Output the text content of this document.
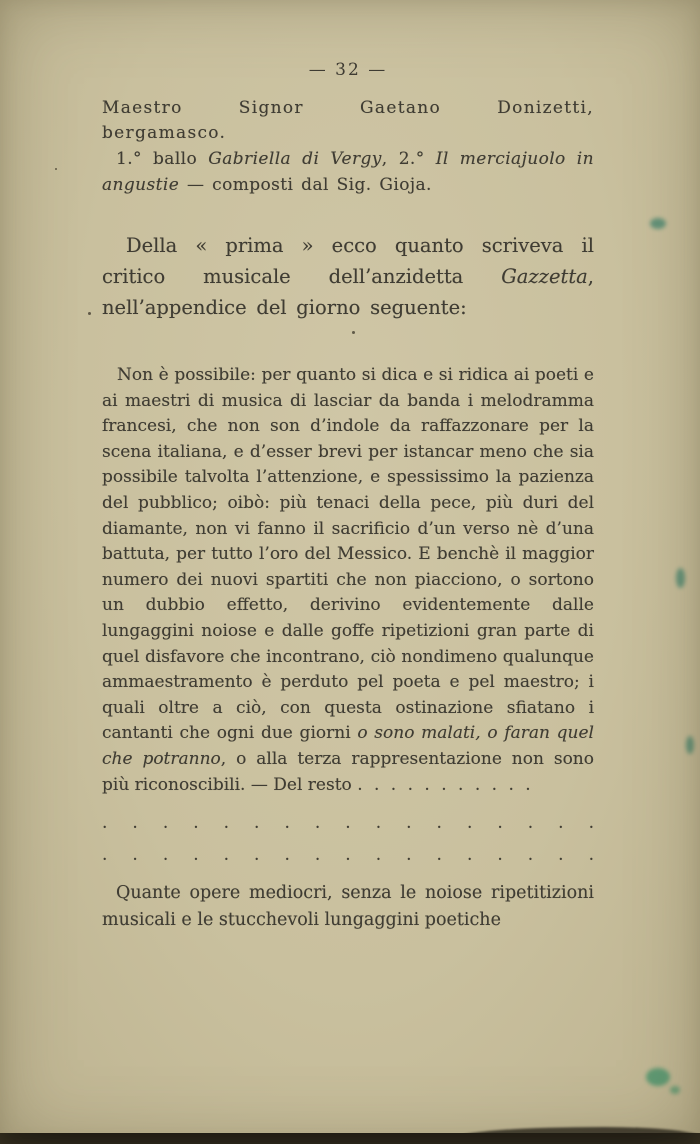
— 32 —

Maestro Signor Gaetano Donizetti, bergamasco.

1.° ballo Gabriella di Vergy, 2.° Il merciajuolo in angustie — composti dal Sig. Gioja.

Della « prima » ecco quanto scriveva il critico musicale dell’anzidetta Gazzetta, nell’appendice del giorno seguente:

Non è possibile: per quanto si dica e si ridica ai poeti e ai maestri di musica di lasciar da banda i melodramma francesi, che non son d’indole da raffazzonare per la scena italiana, e d’esser brevi per istancar meno che sia possibile talvolta l’attenzione, e spessissimo la pazienza del pubblico; oibò: più tenaci della pece, più duri del diamante, non vi fanno il sacrificio d’un verso nè d’una battuta, per tutto l’oro del Messico. E benchè il maggior numero dei nuovi spartiti che non piacciono, o sortono un dubbio effetto, derivino evidentemente dalle lungaggini noiose e dalle goffe ripetizioni gran parte di quel disfavore che incontrano, ciò nondimeno qualunque ammaestramento è perduto pel poeta e pel maestro; i quali oltre a ciò, con questa ostinazione sfiatano i cantanti che ogni due giorni o sono malati, o faran quel che potranno, o alla terza rappresentazione non sono più riconoscibili. — Del resto . . . . . . . . . . .

. . . . . . . . . . . . . . . . .
. . . . . . . . . . . . . . . . .

Quante opere mediocri, senza le noiose ripetitizioni musicali e le stucchevoli lungaggini poetiche
